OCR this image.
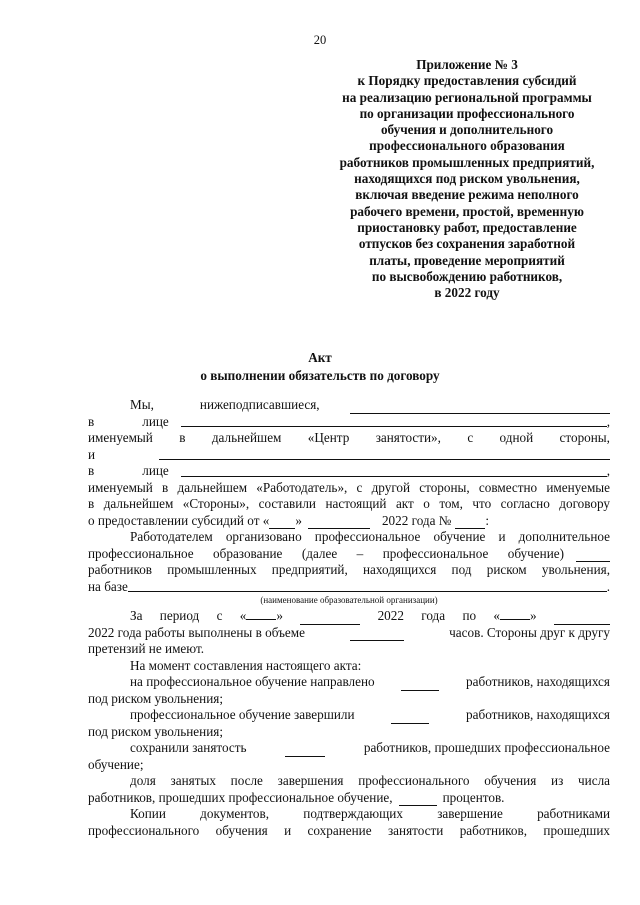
20
Приложение № 3
к Порядку предоставления субсидий
на реализацию региональной программы
по организации профессионального
обучения и дополнительного
профессионального образования
работников промышленных предприятий,
находящихся под риском увольнения,
включая введение режима неполного
рабочего времени, простой, временную
приостановку работ, предоставление
отпусков без сохранения заработной
платы, проведение мероприятий
по высвобождению работников,
в 2022 году
Акт
о выполнении обязательств по договору
Мы,	нижеподписавшиеся,
в	лице	,
именуемый в дальнейшем «Центр занятости», с одной стороны,
и
в	лице	,
именуемый в дальнейшем «Работодатель», с другой стороны, совместно именуемые
в дальнейшем «Стороны», составили настоящий акт о том, что согласно договору
о предоставлении субсидий от « »	2022 года №	:
Работодателем организовано профессиональное обучение и дополнительное
профессиональное образование (далее – профессиональное обучение)
работников промышленных предприятий, находящихся под риском увольнения,
на базе	.
(наименование образовательной организации)
За период с « »	2022 года по « »
2022 года работы выполнены в объеме	часов. Стороны друг к другу
претензий не имеют.
На момент составления настоящего акта:
на профессиональное обучение направлено	работников, находящихся
под риском увольнения;
профессиональное обучение завершили	работников, находящихся
под риском увольнения;
сохранили занятость	работников, прошедших профессиональное
обучение;
доля занятых после завершения профессионального обучения из числа
работников, прошедших профессиональное обучение,	процентов.
Копии	документов,	подтверждающих	завершение	работниками
профессионального обучения и сохранение занятости работников, прошедших
